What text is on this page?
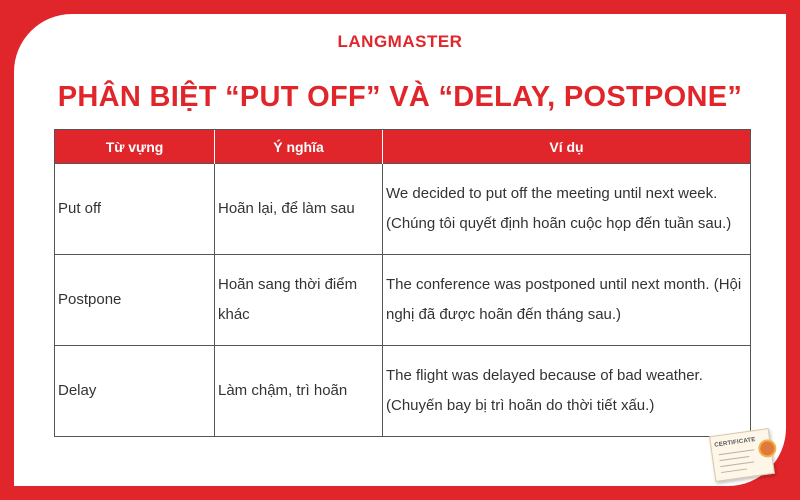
LANGMASTER
PHÂN BIỆT “PUT OFF” VÀ “DELAY, POSTPONE”
Từ vựng	Ý nghĩa	Ví dụ
Put off	Hoãn lại, để làm sau	We decided to put off the meeting until next week. (Chúng tôi quyết định hoãn cuộc họp đến tuần sau.)
Postpone	Hoãn sang thời điểm khác	The conference was postponed until next month. (Hội nghị đã được hoãn đến tháng sau.)
Delay	Làm chậm, trì hoãn	The flight was delayed because of bad weather. (Chuyến bay bị trì hoãn do thời tiết xấu.)
CERTIFICATE
